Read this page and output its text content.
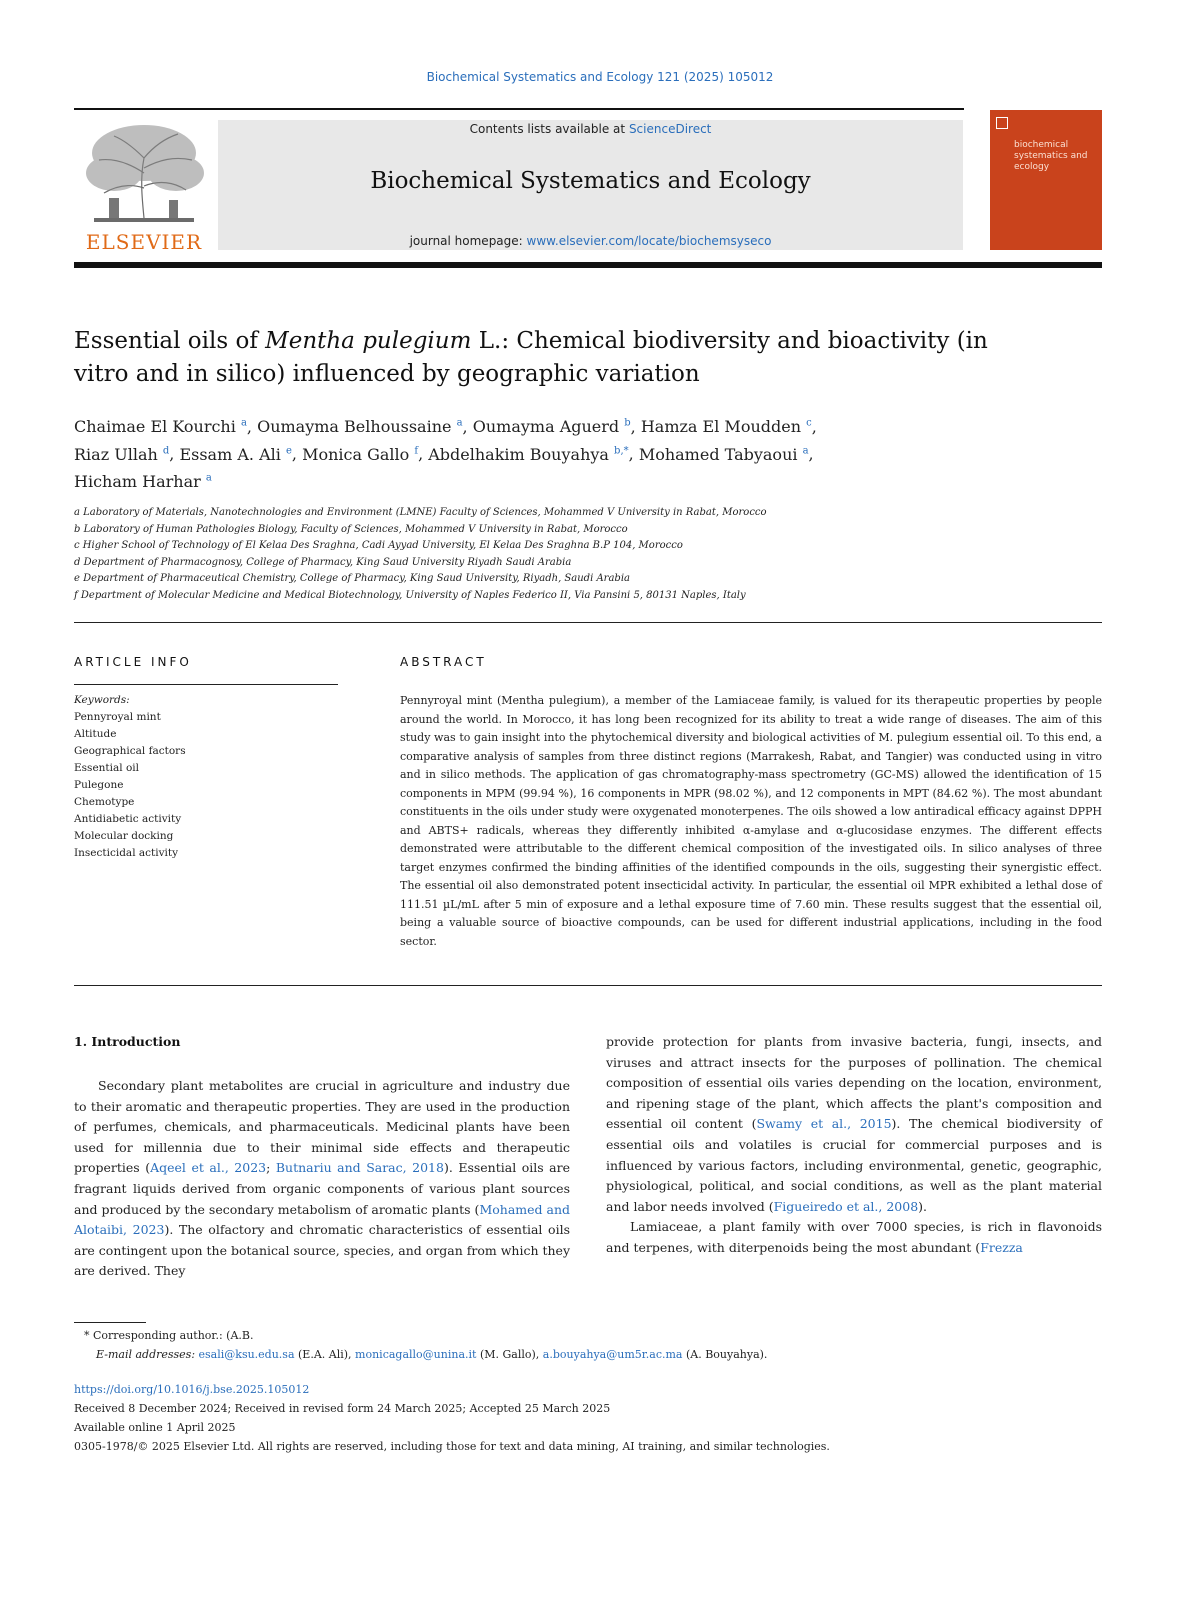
Biochemical Systematics and Ecology 121 (2025) 105012
ELSEVIER
Contents lists available at ScienceDirect
Biochemical Systematics and Ecology
journal homepage: www.elsevier.com/locate/biochemsyseco
biochemical systematics and ecology
Essential oils of Mentha pulegium L.: Chemical biodiversity and bioactivity (in vitro and in silico) influenced by geographic variation
Chaimae El Kourchi $^a$, Oumayma Belhoussaine $^a$, Oumayma Aguerd $^b$, Hamza El Moudden $^c$,
Riaz Ullah $^d$, Essam A. Ali $^e$, Monica Gallo $^f$, Abdelhakim Bouyahya $^{b,*}$, Mohamed Tabyaoui $^a$,
Hicham Harhar $^a$
a Laboratory of Materials, Nanotechnologies and Environment (LMNE) Faculty of Sciences, Mohammed V University in Rabat, Morocco
b Laboratory of Human Pathologies Biology, Faculty of Sciences, Mohammed V University in Rabat, Morocco
c Higher School of Technology of El Kelaa Des Sraghna, Cadi Ayyad University, El Kelaa Des Sraghna B.P 104, Morocco
d Department of Pharmacognosy, College of Pharmacy, King Saud University Riyadh Saudi Arabia
e Department of Pharmaceutical Chemistry, College of Pharmacy, King Saud University, Riyadh, Saudi Arabia
f Department of Molecular Medicine and Medical Biotechnology, University of Naples Federico II, Via Pansini 5, 80131 Naples, Italy
ARTICLE INFO	ABSTRACT
Keywords:
Pennyroyal mint
Altitude
Geographical factors
Essential oil
Pulegone
Chemotype
Antidiabetic activity
Molecular docking
Insecticidal activity
Pennyroyal mint (Mentha pulegium), a member of the Lamiaceae family, is valued for its therapeutic properties by people around the world. In Morocco, it has long been recognized for its ability to treat a wide range of diseases. The aim of this study was to gain insight into the phytochemical diversity and biological activities of M. pulegium essential oil. To this end, a comparative analysis of samples from three distinct regions (Marrakesh, Rabat, and Tangier) was conducted using in vitro and in silico methods. The application of gas chromatography-mass spectrometry (GC-MS) allowed the identification of 15 components in MPM (99.94 %), 16 components in MPR (98.02 %), and 12 components in MPT (84.62 %). The most abundant constituents in the oils under study were oxygenated monoterpenes. The oils showed a low antiradical efficacy against DPPH and ABTS+ radicals, whereas they differently inhibited α-amylase and α-glucosidase enzymes. The different effects demonstrated were attributable to the different chemical composition of the investigated oils. In silico analyses of three target enzymes confirmed the binding affinities of the identified compounds in the oils, suggesting their synergistic effect. The essential oil also demonstrated potent insecticidal activity. In particular, the essential oil MPR exhibited a lethal dose of 111.51 µL/mL after 5 min of exposure and a lethal exposure time of 7.60 min. These results suggest that the essential oil, being a valuable source of bioactive compounds, can be used for different industrial applications, including in the food sector.
1. Introduction

Secondary plant metabolites are crucial in agriculture and industry due to their aromatic and therapeutic properties. They are used in the production of perfumes, chemicals, and pharmaceuticals. Medicinal plants have been used for millennia due to their minimal side effects and therapeutic properties (Aqeel et al., 2023; Butnariu and Sarac, 2018). Essential oils are fragrant liquids derived from organic components of various plant sources and produced by the secondary metabolism of aromatic plants (Mohamed and Alotaibi, 2023). The olfactory and chromatic characteristics of essential oils are contingent upon the botanical source, species, and organ from which they are derived. They

provide protection for plants from invasive bacteria, fungi, insects, and viruses and attract insects for the purposes of pollination. The chemical composition of essential oils varies depending on the location, environment, and ripening stage of the plant, which affects the plant's composition and essential oil content (Swamy et al., 2015). The chemical biodiversity of essential oils and volatiles is crucial for commercial purposes and is influenced by various factors, including environmental, genetic, geographic, physiological, political, and social conditions, as well as the plant material and labor needs involved (Figueiredo et al., 2008).

Lamiaceae, a plant family with over 7000 species, is rich in flavonoids and terpenes, with diterpenoids being the most abundant (Frezza

* Corresponding author.: (A.B.
E-mail addresses: esali@ksu.edu.sa (E.A. Ali), monicagallo@unina.it (M. Gallo), a.bouyahya@um5r.ac.ma (A. Bouyahya).
https://doi.org/10.1016/j.bse.2025.105012
Received 8 December 2024; Received in revised form 24 March 2025; Accepted 25 March 2025
Available online 1 April 2025
0305-1978/© 2025 Elsevier Ltd. All rights are reserved, including those for text and data mining, AI training, and similar technologies.
